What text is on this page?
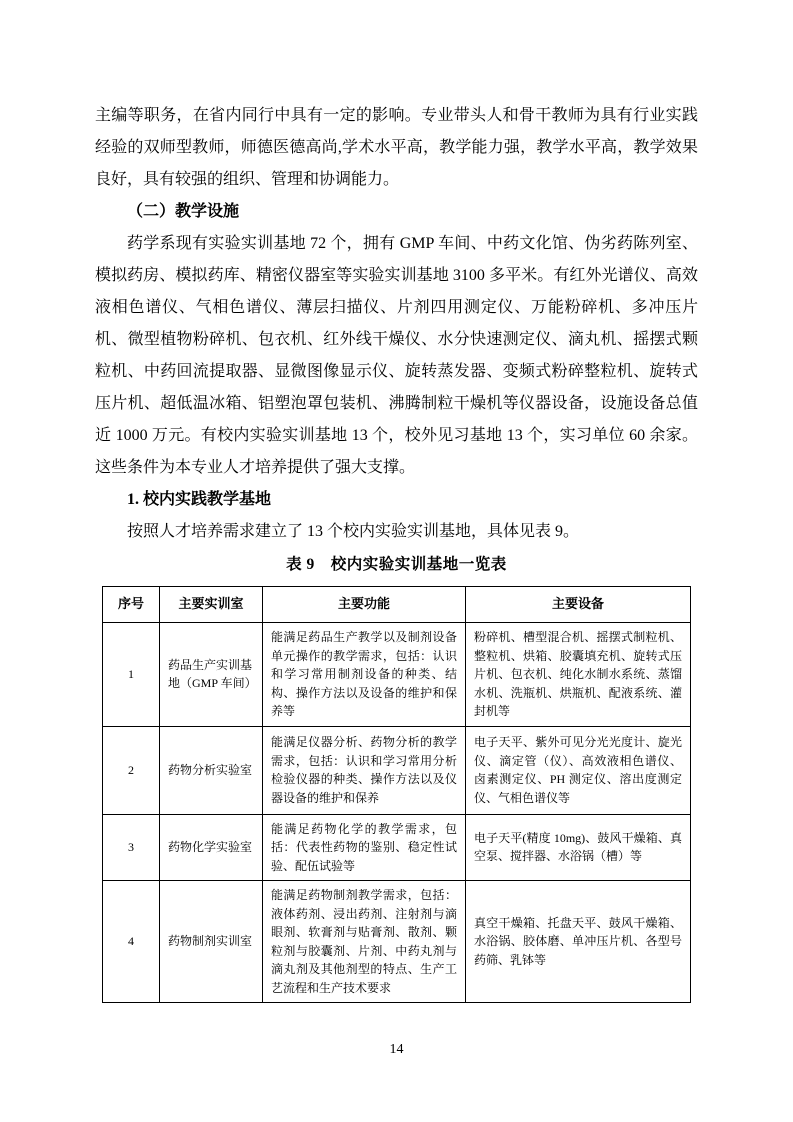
主编等职务，在省内同行中具有一定的影响。专业带头人和骨干教师为具有行业实践经验的双师型教师，师德医德高尚,学术水平高，教学能力强，教学水平高，教学效果良好，具有较强的组织、管理和协调能力。

（二）教学设施

药学系现有实验实训基地 72 个，拥有 GMP 车间、中药文化馆、伪劣药陈列室、模拟药房、模拟药库、精密仪器室等实验实训基地 3100 多平米。有红外光谱仪、高效液相色谱仪、气相色谱仪、薄层扫描仪、片剂四用测定仪、万能粉碎机、多冲压片机、微型植物粉碎机、包衣机、红外线干燥仪、水分快速测定仪、滴丸机、摇摆式颗粒机、中药回流提取器、显微图像显示仪、旋转蒸发器、变频式粉碎整粒机、旋转式压片机、超低温冰箱、铝塑泡罩包装机、沸腾制粒干燥机等仪器设备，设施设备总值近 1000 万元。有校内实验实训基地 13 个，校外见习基地 13 个，实习单位 60 余家。这些条件为本专业人才培养提供了强大支撑。

1. 校内实践教学基地

按照人才培养需求建立了 13 个校内实验实训基地，具体见表 9。

表 9　校内实验实训基地一览表

序号	主要实训室	主要功能	主要设备
1	药品生产实训基地（GMP 车间）	能满足药品生产教学以及制剂设备单元操作的教学需求，包括：认识和学习常用制剂设备的种类、结构、操作方法以及设备的维护和保养等	粉碎机、槽型混合机、摇摆式制粒机、整粒机、烘箱、胶囊填充机、旋转式压片机、包衣机、纯化水制水系统、蒸馏水机、洗瓶机、烘瓶机、配液系统、灌封机等
2	药物分析实验室	能满足仪器分析、药物分析的教学需求，包括：认识和学习常用分析检验仪器的种类、操作方法以及仪器设备的维护和保养	电子天平、紫外可见分光光度计、旋光仪、滴定管（仪）、高效液相色谱仪、卤素测定仪、PH 测定仪、溶出度测定仪、气相色谱仪等
3	药物化学实验室	能满足药物化学的教学需求，包括：代表性药物的鉴别、稳定性试验、配伍试验等	电子天平(精度 10mg)、鼓风干燥箱、真空泵、搅拌器、水浴锅（槽）等
4	药物制剂实训室	能满足药物制剂教学需求，包括：液体药剂、浸出药剂、注射剂与滴眼剂、软膏剂与贴膏剂、散剂、颗粒剂与胶囊剂、片剂、中药丸剂与滴丸剂及其他剂型的特点、生产工艺流程和生产技术要求	真空干燥箱、托盘天平、鼓风干燥箱、水浴锅、胶体磨、单冲压片机、各型号药筛、乳钵等
14
